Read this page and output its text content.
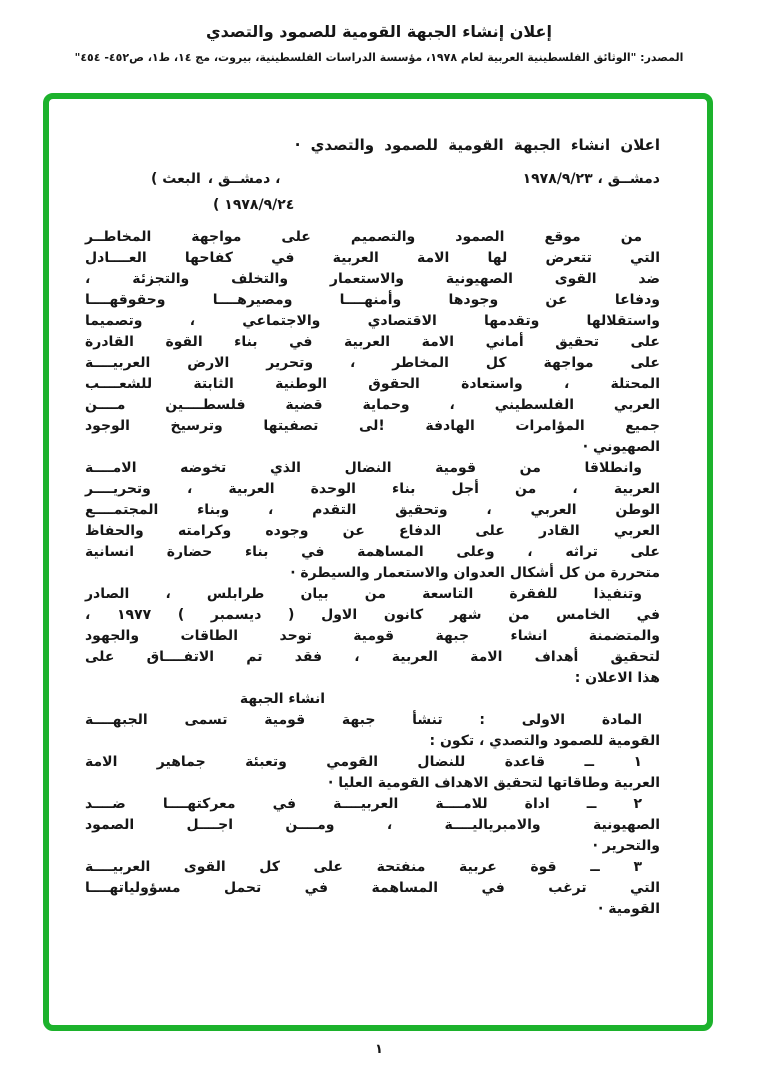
إعلان إنشاء الجبهة القومية للصمود والتصدي
المصدر: "الوثائق الفلسطينية العربية لعام ١٩٧٨، مؤسسة الدراسات الفلسطينية، بيروت، مج ١٤، ط١، ص٤٥٢- ٤٥٤"
اعلان انشاء الجبهة القومية للصمود والتصدي ·
دمشــق ، ١٩٧٨/٩/٢٣
( البعث ، دمشــق ،
( ١٩٧٨/٩/٢٤
من موقع الصمود والتصميم على مواجهة المخاطــر
التي تتعرض لها الامة العربية في كفاحها العــــادل
ضد القوى الصهيونية والاستعمار والتخلف والتجزئة ،
ودفاعا عن وجودها وأمنهــــا ومصيرهــــا وحقوقهــــا
واستقلالها وتقدمها الاقتصادي والاجتماعي ، وتصميما
على تحقيق أماني الامة العربية في بناء القوة القادرة
على مواجهة كل المخاطر ، وتحرير الارض العربيــــة
المحتلة ، واستعادة الحقوق الوطنية الثابتة للشعــــب
العربي الفلسطيني ، وحماية قضية فلسطــــين مــــن
جميع المؤامرات الهادفة !لى تصفيتها وترسيخ الوجود
الصهيوني ·
وانطلاقا من قومية النضال الذي تخوضه الامــــة
العربية ، من أجل بناء الوحدة العربية ، وتحريــــر
الوطن العربي ، وتحقيق التقدم ، وبناء المجتمــــع
العربي القادر على الدفاع عن وجوده وكرامته والحفاظ
على تراثه ، وعلى المساهمة في بناء حضارة انسانية
متحررة من كل أشكال العدوان والاستعمار والسيطرة ·
وتنفيذا للفقرة التاسعة من بيان طرابلس ، الصادر
في الخامس من شهر كانون الاول ( ديسمبر ) ١٩٧٧ ،
والمتضمنة انشاء جبهة قومية توحد الطاقات والجهود
لتحقيق أهداف الامة العربية ، فقد تم الاتفــــاق على
هذا الاعلان :
انشاء الجبهة
المادة الاولى : تنشأ جبهة قومية تسمى الجبهــــة
القومية للصمود والتصدي ، تكون :
١ ــ قاعدة للنضال القومي وتعبئة جماهير الامة
العربية وطاقاتها لتحقيق الاهداف القومية العليا ·
٢ ــ اداة للامــــة العربيــــة في معركتهــــا ضــــد
الصهيونية والامبرياليــــة ، ومــــن اجــــل الصمود
والتحرير ·
٣ ــ قوة عربية منفتحة على كل القوى العربيــــة
التي ترغب في المساهمة في تحمل مسؤولياتهــــا
القومية ·
١
